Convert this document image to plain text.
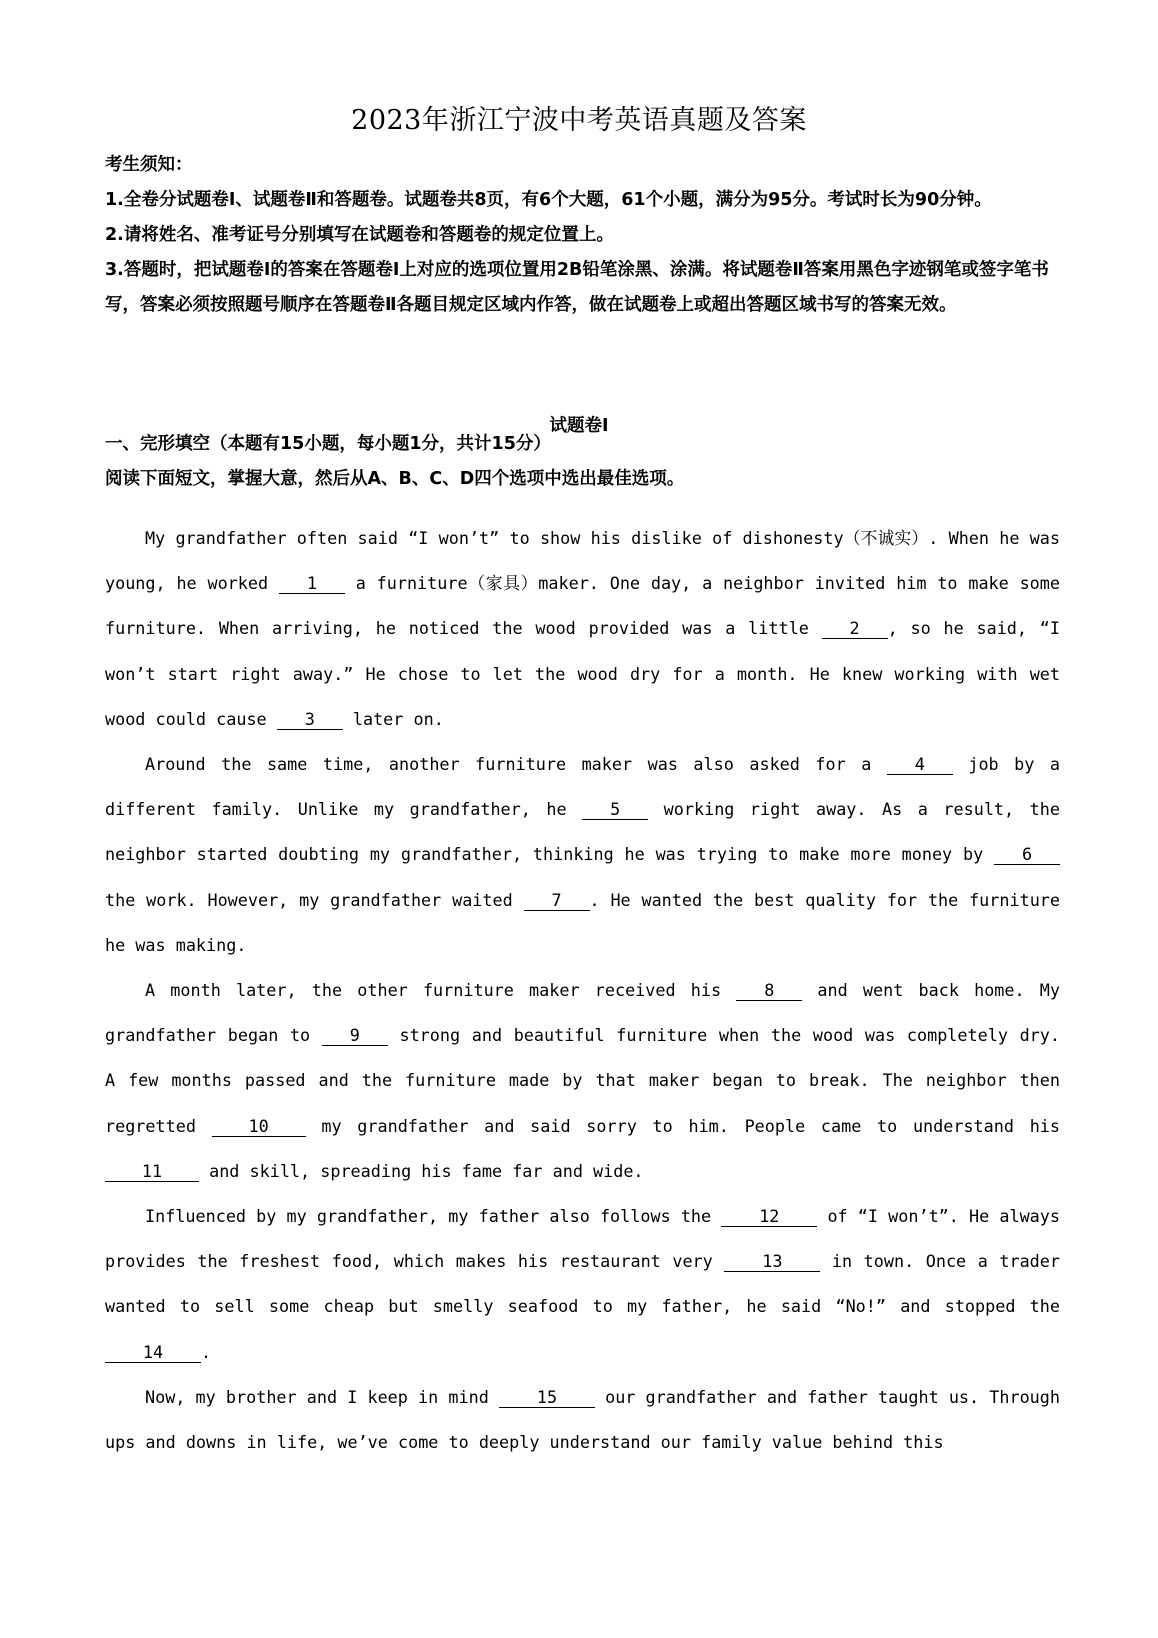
2023年浙江宁波中考英语真题及答案

考生须知：

1.全卷分试题卷Ⅰ、试题卷Ⅱ和答题卷。试题卷共8页，有6个大题，61个小题，满分为95分。考试时长为90分钟。

2.请将姓名、准考证号分别填写在试题卷和答题卷的规定位置上。

3.答题时，把试题卷Ⅰ的答案在答题卷Ⅰ上对应的选项位置用2B铅笔涂黑、涂满。将试题卷Ⅱ答案用黑色字迹钢笔或签字笔书写，答案必须按照题号顺序在答题卷Ⅱ各题目规定区域内作答，做在试题卷上或超出答题区域书写的答案无效。

试题卷Ⅰ
一、完形填空（本题有15小题，每小题1分，共计15分）
阅读下面短文，掌握大意，然后从A、B、C、D四个选项中选出最佳选项。

My grandfather often said “I won’t” to show his dislike of dishonesty（不诚实）. When he was young, he worked 1 a furniture（家具）maker. One day, a neighbor invited him to make some furniture. When arriving, he noticed the wood provided was a little 2 , so he said, “I won’t start right away.” He chose to let the wood dry for a month. He knew working with wet wood could cause 3 later on.

Around the same time, another furniture maker was also asked for a 4 job by a different family. Unlike my grandfather, he 5 working right away. As a result, the neighbor started doubting my grandfather, thinking he was trying to make more money by 6 the work. However, my grandfather waited 7 . He wanted the best quality for the furniture he was making.

A month later, the other furniture maker received his 8 and went back home. My grandfather began to 9 strong and beautiful furniture when the wood was completely dry. A few months passed and the furniture made by that maker began to break. The neighbor then regretted 10 my grandfather and said sorry to him. People came to understand his 11 and skill, spreading his fame far and wide.

Influenced by my grandfather, my father also follows the 12 of “I won’t”. He always provides the freshest food, which makes his restaurant very 13 in town. Once a trader wanted to sell some cheap but smelly seafood to my father, he said “No!” and stopped the 14 .

Now, my brother and I keep in mind 15 our grandfather and father taught us. Through ups and downs in life, we’ve come to deeply understand our family value behind this
